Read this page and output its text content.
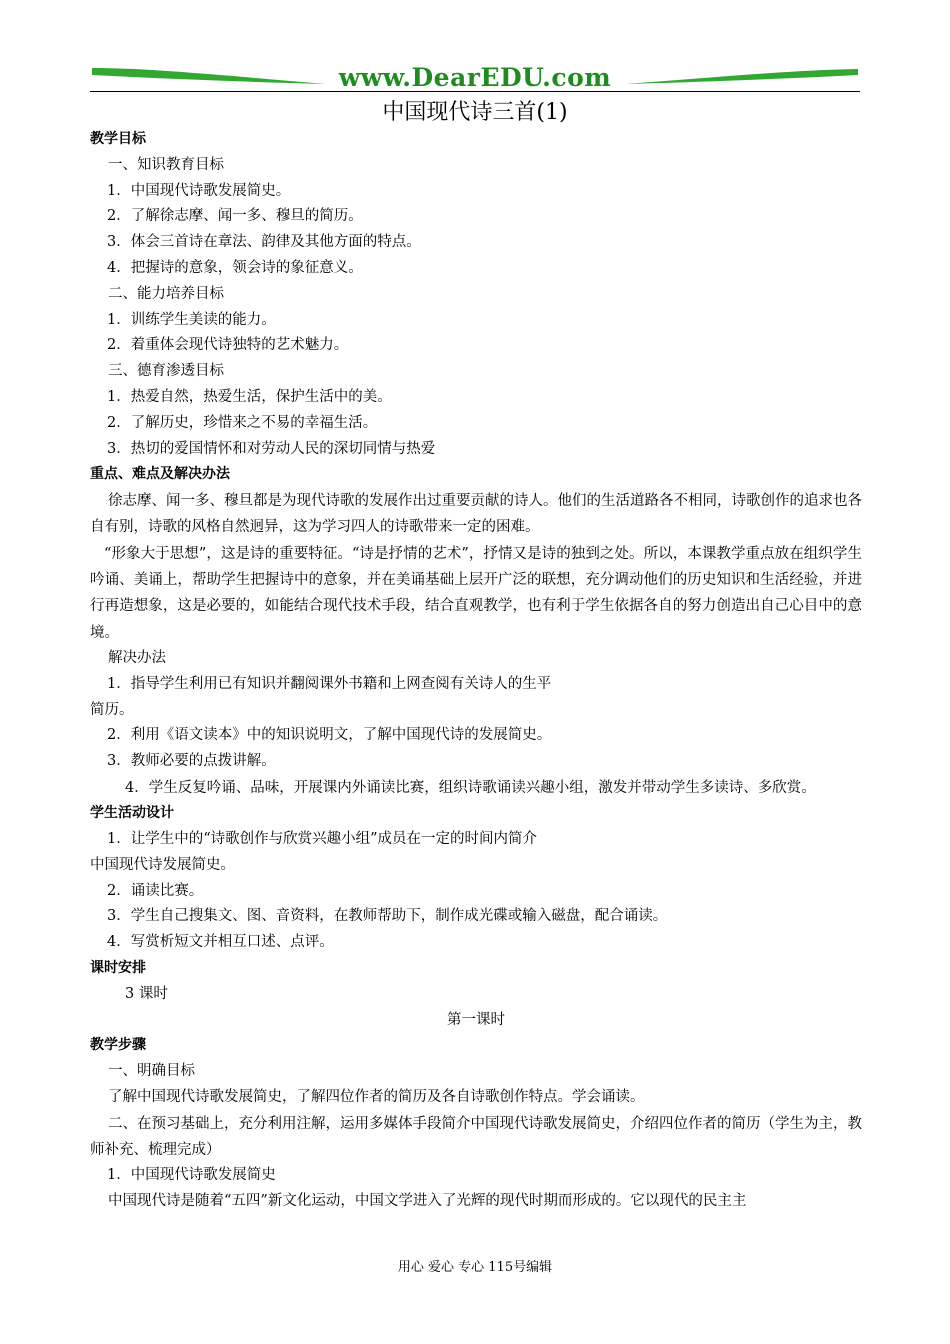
www.DearEDU.com
中国现代诗三首(1)
教学目标
一、知识教育目标
1．中国现代诗歌发展简史。
2．了解徐志摩、闻一多、穆旦的简历。
3．体会三首诗在章法、韵律及其他方面的特点。
4．把握诗的意象，领会诗的象征意义。
二、能力培养目标
1．训练学生美读的能力。
2．着重体会现代诗独特的艺术魅力。
三、德育渗透目标
1．热爱自然，热爱生活，保护生活中的美。
2．了解历史，珍惜来之不易的幸福生活。
3．热切的爱国情怀和对劳动人民的深切同情与热爱
重点、难点及解决办法
徐志摩、闻一多、穆旦都是为现代诗歌的发展作出过重要贡献的诗人。他们的生活道路各不相同，诗歌创作的追求也各自有别，诗歌的风格自然迥异，这为学习四人的诗歌带来一定的困难。
“形象大于思想”，这是诗的重要特征。“诗是抒情的艺术”，抒情又是诗的独到之处。所以，本课教学重点放在组织学生吟诵、美诵上，帮助学生把握诗中的意象，并在美诵基础上层开广泛的联想，充分调动他们的历史知识和生活经验，并进行再造想象，这是必要的，如能结合现代技术手段，结合直观教学，也有利于学生依据各自的努力创造出自己心目中的意境。
解决办法
1．指导学生利用已有知识并翻阅课外书籍和上网查阅有关诗人的生平
简历。
2．利用《语文读本》中的知识说明文，了解中国现代诗的发展简史。
3．教师必要的点拨讲解。
4．学生反复吟诵、品味，开展课内外诵读比赛，组织诗歌诵读兴趣小组，激发并带动学生多读诗、多欣赏。
学生活动设计
1．让学生中的“诗歌创作与欣赏兴趣小组”成员在一定的时间内简介
中国现代诗发展简史。
2．诵读比赛。
3．学生自己搜集文、图、音资料，在教师帮助下，制作成光碟或输入磁盘，配合诵读。
4．写赏析短文并相互口述、点评。
课时安排
3 课时
第一课时
教学步骤
一、明确目标
了解中国现代诗歌发展简史，了解四位作者的简历及各自诗歌创作特点。学会诵读。
二、在预习基础上，充分利用注解，运用多媒体手段简介中国现代诗歌发展简史，介绍四位作者的简历（学生为主，教师补充、梳理完成）
1．中国现代诗歌发展简史
中国现代诗是随着“五四”新文化运动，中国文学进入了光辉的现代时期而形成的。它以现代的民主主
用心 爱心 专心 115号编辑
